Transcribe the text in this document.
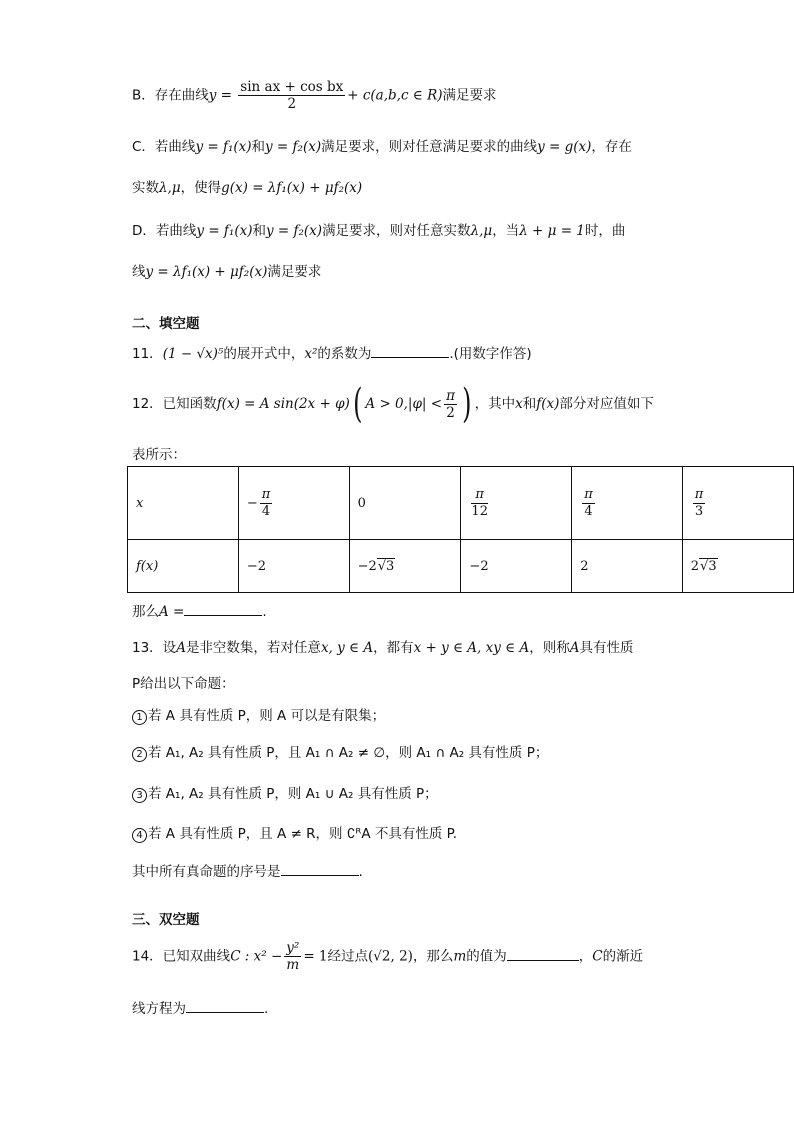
B．存在曲线$y = \frac{\text{sin ax + cos bx}}{2} + c(a,b,c$ ∈ R)满足要求
C．若曲线y = f₁(x)和y = f₂(x)满足要求，则对任意满足要求的曲线y = g(x)，存在
实数λ,μ，使得g(x) = λf₁(x) + μf₂(x)
D．若曲线y = f₁(x)和y = f₂(x)满足要求，则对任意实数λ,μ，当λ + μ = 1时，曲
线y = λf₁(x) + μf₂(x)满足要求
二、填空题
11．(1 − √x)⁵的展开式中，x²的系数为	.(用数字作答)
12．已知函数f(x) = A sin(2x + φ)( $A > 0,|\varphi| < \frac{\pi}{2}$ ) ，其中x和f(x)部分对应值如下
表所示：
x	− $\frac{\pi}{4}$	0	$\frac{\pi}{12}$	$\frac{\pi}{4}$	$\frac{\pi}{3}$

f(x)	−2	−2√3	−2	2	2√3
那么A =	.
13．设A是非空数集，若对任意x, y ∈ A，都有x + y ∈ A, xy ∈ A，则称A具有性质
P给出以下命题：
1 若 A 具有性质 P，则 A 可以是有限集；
2 若 A₁, A₂ 具有性质 P，且 A₁ ∩ A₂ ≠ ∅，则 A₁ ∩ A₂ 具有性质 P；
3 若 A₁, A₂ 具有性质 P，则 A₁ ∪ A₂ 具有性质 P；
4 若 A 具有性质 P，且 A ≠ R，则 ∁ᴿA 不具有性质 P.
其中所有真命题的序号是	.
三、双空题
14．已知双曲线C : $x^2 - \frac{\text{y²}}{m} = 1$经过点(√2, 2)，那么m的值为	，C的渐近
线方程为	.
